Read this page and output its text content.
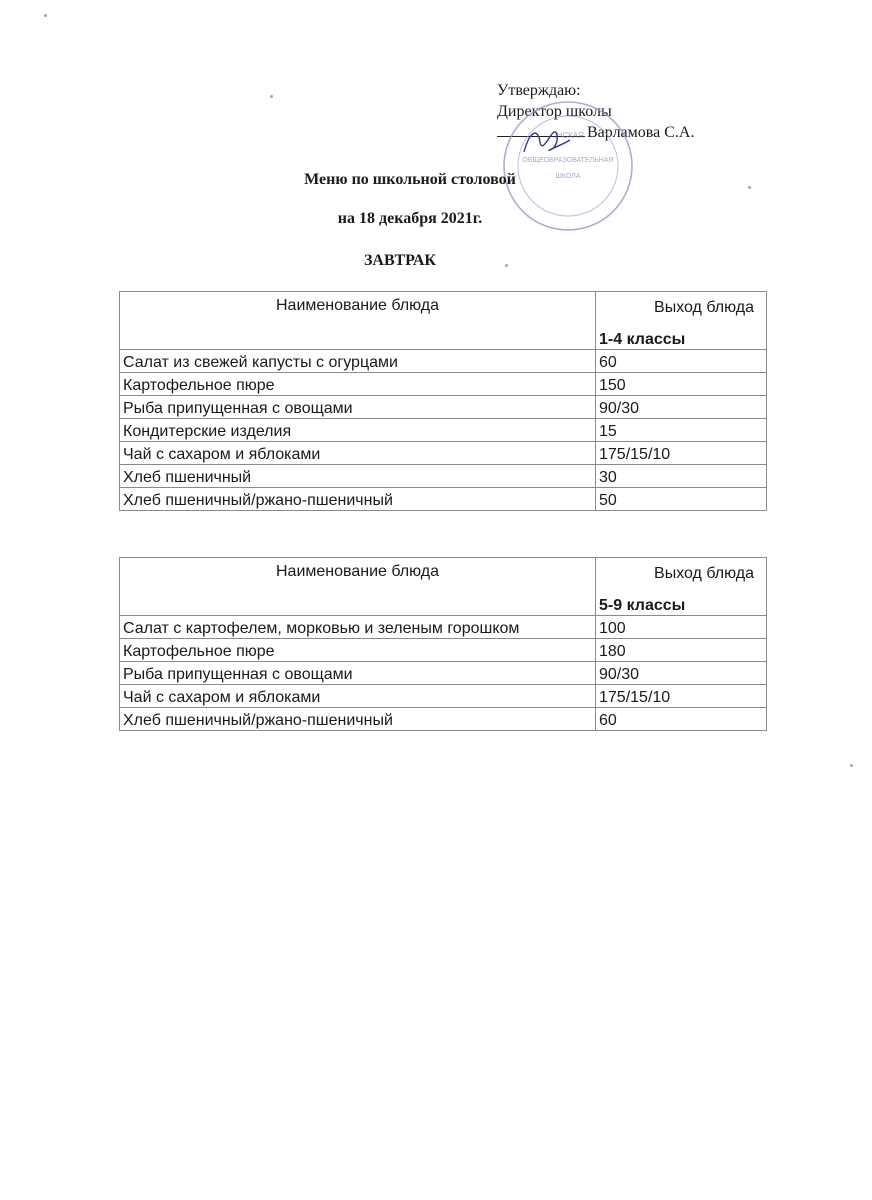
Утверждаю:
Директор школы
Варламова С.А.
..НСКАЯ
ОБЩЕОБРАЗОВАТЕЛЬНАЯ
ШКОЛА
Меню по школьной столовой
на 18 декабря 2021г.
ЗАВТРАК
Наименование блюда	Выход блюда
	1-4 классы
Салат из свежей капусты с огурцами	60
Картофельное пюре	150
Рыба припущенная с овощами	90/30
Кондитерские изделия	15
Чай с сахаром и яблоками	175/15/10
Хлеб пшеничный	30
Хлеб пшеничный/ржано-пшеничный	50
Наименование блюда	Выход блюда
	5-9 классы
Салат с картофелем, морковью и зеленым горошком	100
Картофельное пюре	180
Рыба припущенная с овощами	90/30
Чай с сахаром и яблоками	175/15/10
Хлеб пшеничный/ржано-пшеничный	60
